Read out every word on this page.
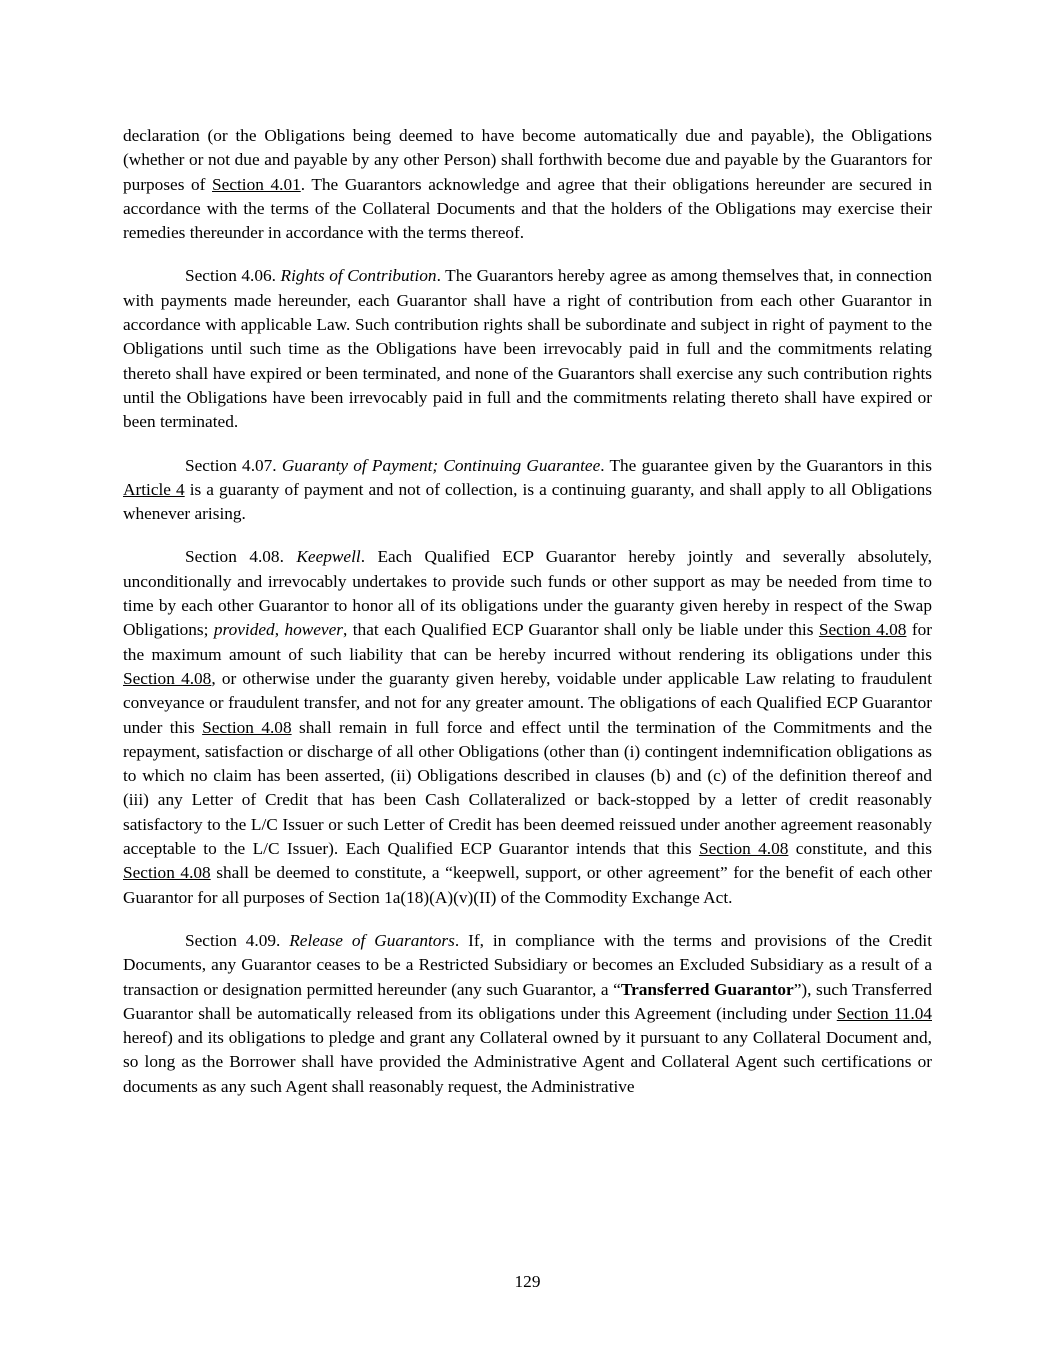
declaration (or the Obligations being deemed to have become automatically due and payable), the Obligations (whether or not due and payable by any other Person) shall forthwith become due and payable by the Guarantors for purposes of Section 4.01. The Guarantors acknowledge and agree that their obligations hereunder are secured in accordance with the terms of the Collateral Documents and that the holders of the Obligations may exercise their remedies thereunder in accordance with the terms thereof.

Section 4.06. Rights of Contribution. The Guarantors hereby agree as among themselves that, in connection with payments made hereunder, each Guarantor shall have a right of contribution from each other Guarantor in accordance with applicable Law. Such contribution rights shall be subordinate and subject in right of payment to the Obligations until such time as the Obligations have been irrevocably paid in full and the commitments relating thereto shall have expired or been terminated, and none of the Guarantors shall exercise any such contribution rights until the Obligations have been irrevocably paid in full and the commitments relating thereto shall have expired or been terminated.

Section 4.07. Guaranty of Payment; Continuing Guarantee. The guarantee given by the Guarantors in this Article 4 is a guaranty of payment and not of collection, is a continuing guaranty, and shall apply to all Obligations whenever arising.

Section 4.08. Keepwell. Each Qualified ECP Guarantor hereby jointly and severally absolutely, unconditionally and irrevocably undertakes to provide such funds or other support as may be needed from time to time by each other Guarantor to honor all of its obligations under the guaranty given hereby in respect of the Swap Obligations; provided, however, that each Qualified ECP Guarantor shall only be liable under this Section 4.08 for the maximum amount of such liability that can be hereby incurred without rendering its obligations under this Section 4.08, or otherwise under the guaranty given hereby, voidable under applicable Law relating to fraudulent conveyance or fraudulent transfer, and not for any greater amount. The obligations of each Qualified ECP Guarantor under this Section 4.08 shall remain in full force and effect until the termination of the Commitments and the repayment, satisfaction or discharge of all other Obligations (other than (i) contingent indemnification obligations as to which no claim has been asserted, (ii) Obligations described in clauses (b) and (c) of the definition thereof and (iii) any Letter of Credit that has been Cash Collateralized or back-stopped by a letter of credit reasonably satisfactory to the L/C Issuer or such Letter of Credit has been deemed reissued under another agreement reasonably acceptable to the L/C Issuer). Each Qualified ECP Guarantor intends that this Section 4.08 constitute, and this Section 4.08 shall be deemed to constitute, a “keepwell, support, or other agreement” for the benefit of each other Guarantor for all purposes of Section 1a(18)(A)(v)(II) of the Commodity Exchange Act.

Section 4.09. Release of Guarantors. If, in compliance with the terms and provisions of the Credit Documents, any Guarantor ceases to be a Restricted Subsidiary or becomes an Excluded Subsidiary as a result of a transaction or designation permitted hereunder (any such Guarantor, a “Transferred Guarantor”), such Transferred Guarantor shall be automatically released from its obligations under this Agreement (including under Section 11.04 hereof) and its obligations to pledge and grant any Collateral owned by it pursuant to any Collateral Document and, so long as the Borrower shall have provided the Administrative Agent and Collateral Agent such certifications or documents as any such Agent shall reasonably request, the Administrative

129
